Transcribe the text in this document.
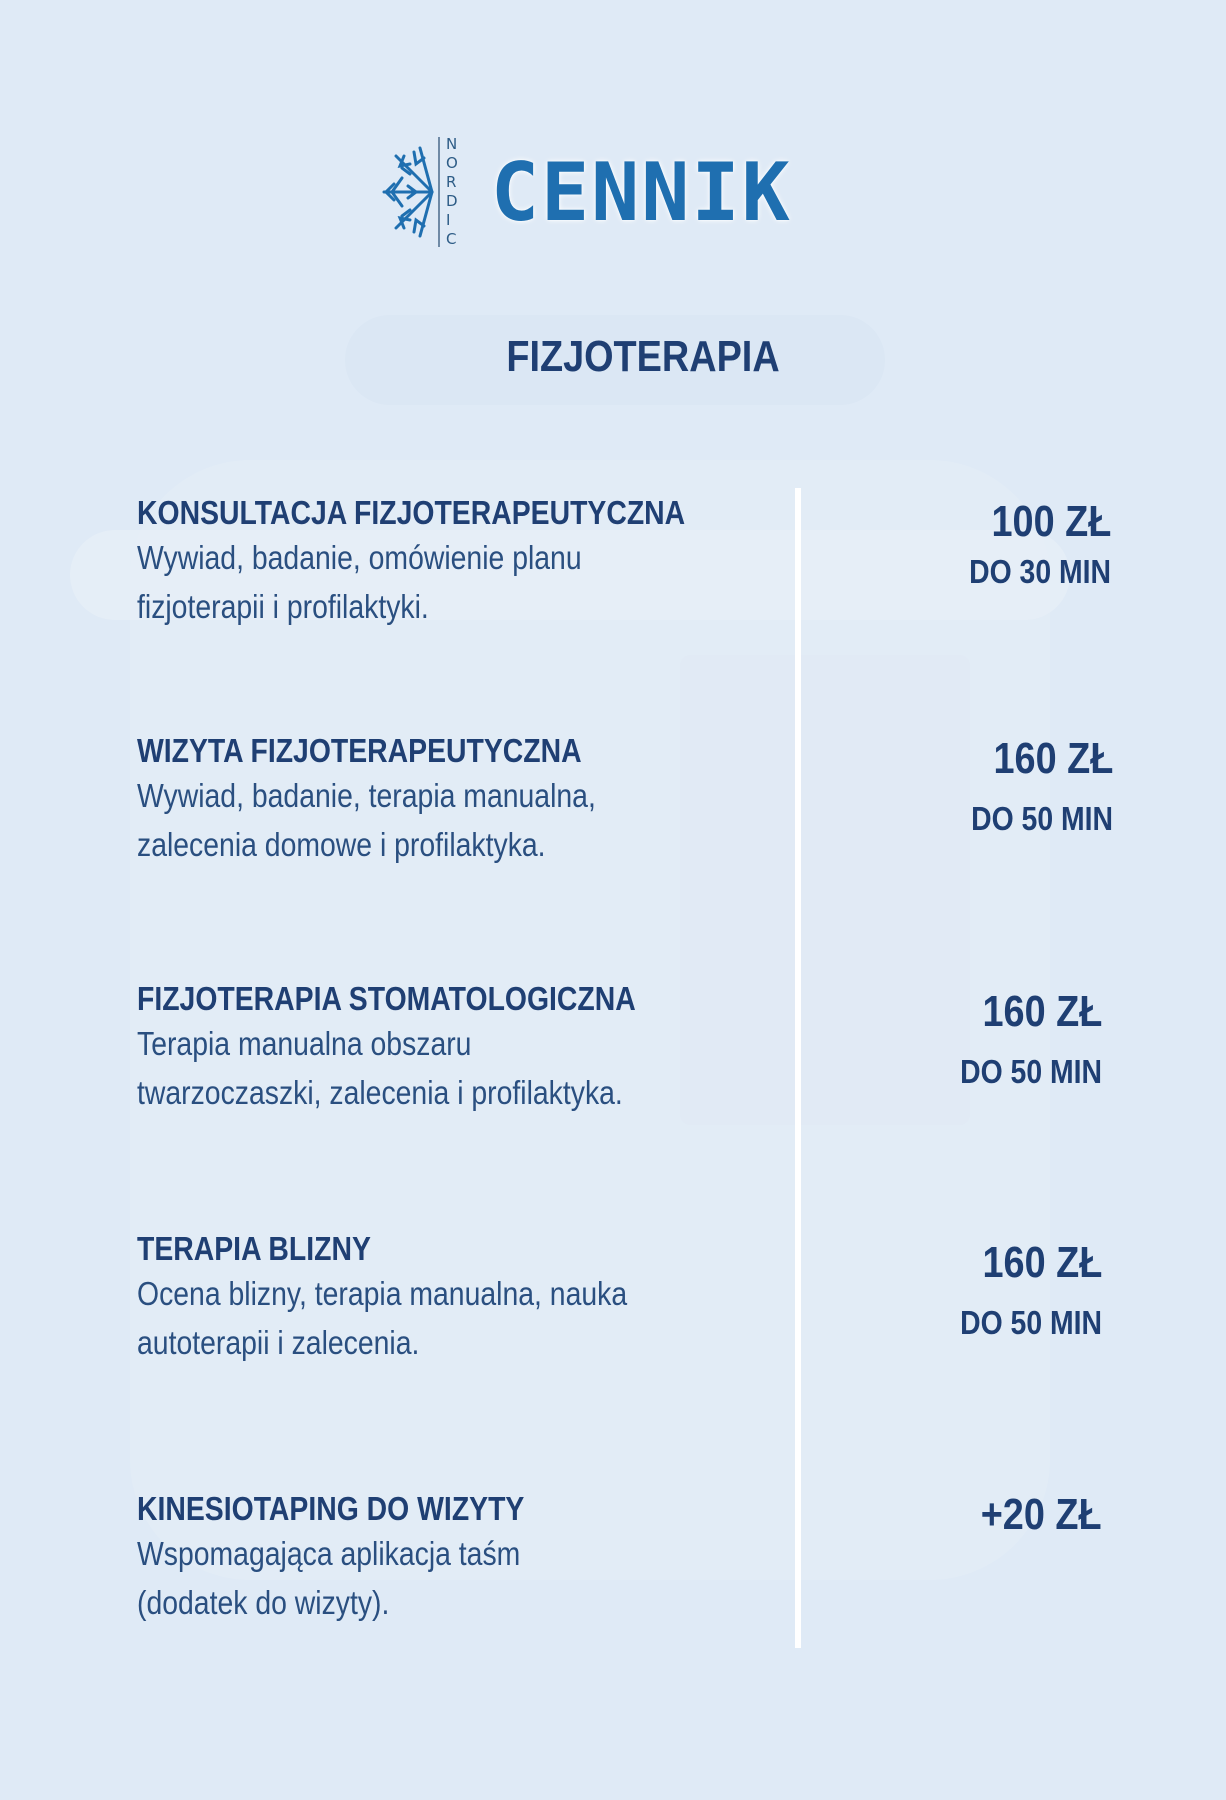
N
O
R
D
I
C
CENNIK
FIZJOTERAPIA
KONSULTACJA FIZJOTERAPEUTYCZNA
Wywiad, badanie, omówienie planu
fizjoterapii i profilaktyki.
100 ZŁ
DO 30 MIN
WIZYTA FIZJOTERAPEUTYCZNA
Wywiad, badanie, terapia manualna,
zalecenia domowe i profilaktyka.
160 ZŁ
DO 50 MIN
FIZJOTERAPIA STOMATOLOGICZNA
Terapia manualna obszaru
twarzoczaszki, zalecenia i profilaktyka.
160 ZŁ
DO 50 MIN
TERAPIA BLIZNY
Ocena blizny, terapia manualna, nauka
autoterapii i zalecenia.
160 ZŁ
DO 50 MIN
KINESIOTAPING DO WIZYTY
Wspomagająca aplikacja taśm
(dodatek do wizyty).
+20 ZŁ
